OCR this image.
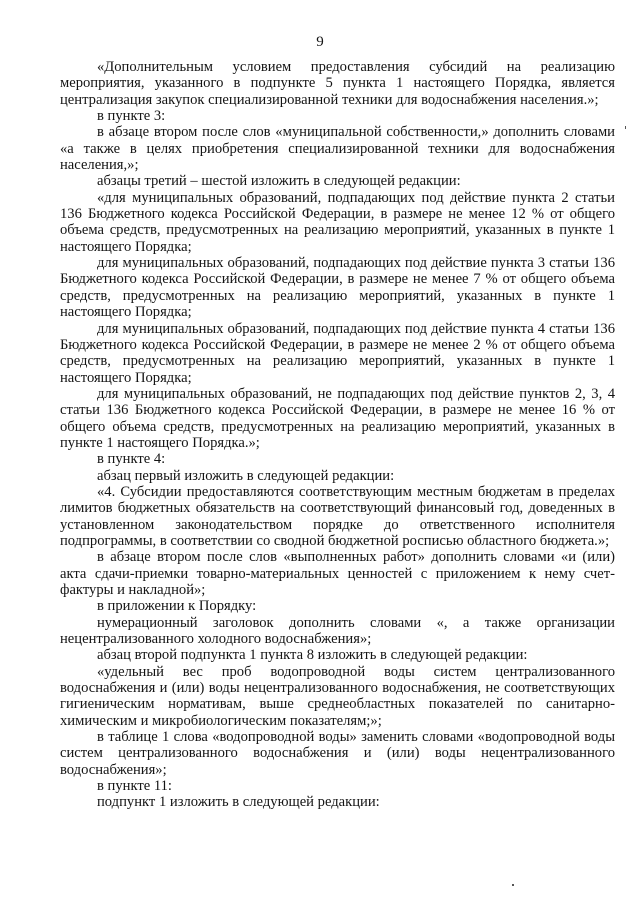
9

«Дополнительным условием предоставления субсидий на реализацию мероприятия, указанного в подпункте 5 пункта 1 настоящего Порядка, является централизация закупок специализированной техники для водоснабжения населения.»;

в пункте 3:

в абзаце втором после слов «муниципальной собственности,» дополнить словами «а также в целях приобретения специализированной техники для водоснабжения населения,»;

абзацы третий – шестой изложить в следующей редакции:

«для муниципальных образований, подпадающих под действие пункта 2 статьи 136 Бюджетного кодекса Российской Федерации, в размере не менее 12 % от общего объема средств, предусмотренных на реализацию мероприятий, указанных в пункте 1 настоящего Порядка;

для муниципальных образований, подпадающих под действие пункта 3 статьи 136 Бюджетного кодекса Российской Федерации, в размере не менее 7 % от общего объема средств, предусмотренных на реализацию мероприятий, указанных в пункте 1 настоящего Порядка;

для муниципальных образований, подпадающих под действие пункта 4 статьи 136 Бюджетного кодекса Российской Федерации, в размере не менее 2 % от общего объема средств, предусмотренных на реализацию мероприятий, указанных в пункте 1 настоящего Порядка;

для муниципальных образований, не подпадающих под действие пунктов 2, 3, 4 статьи 136 Бюджетного кодекса Российской Федерации, в размере не менее 16 % от общего объема средств, предусмотренных на реализацию мероприятий, указанных в пункте 1 настоящего Порядка.»;

в пункте 4:

абзац первый изложить в следующей редакции:

«4. Субсидии предоставляются соответствующим местным бюджетам в пределах лимитов бюджетных обязательств на соответствующий финансовый год, доведенных в установленном законодательством порядке до ответственного исполнителя подпрограммы, в соответствии со сводной бюджетной росписью областного бюджета.»;

в абзаце втором после слов «выполненных работ» дополнить словами «и (или) акта сдачи-приемки товарно-материальных ценностей с приложением к нему счет-фактуры и накладной»;

в приложении к Порядку:

нумерационный заголовок дополнить словами «, а также организации нецентрализованного холодного водоснабжения»;

абзац второй подпункта 1 пункта 8 изложить в следующей редакции:

«удельный вес проб водопроводной воды систем централизованного водоснабжения и (или) воды нецентрализованного водоснабжения, не соответствующих гигиеническим нормативам, выше среднеобластных показателей по санитарно-химическим и микробиологическим показателям;»;

в таблице 1 слова «водопроводной воды» заменить словами «водопроводной воды систем централизованного водоснабжения и (или) воды нецентрализованного водоснабжения»;

в пункте 11:

подпункт 1 изложить в следующей редакции:
